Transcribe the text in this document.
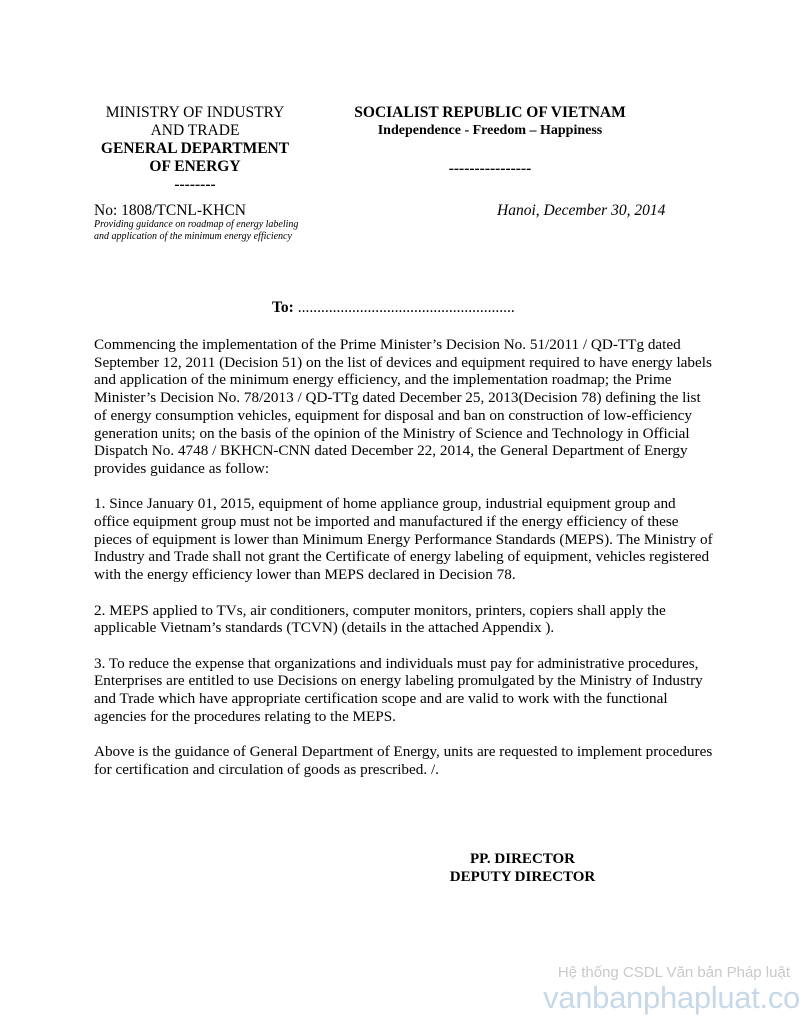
MINISTRY OF INDUSTRY
AND TRADE
GENERAL DEPARTMENT
OF ENERGY
--------
SOCIALIST REPUBLIC OF VIETNAM
Independence - Freedom – Happiness
----------------
No: 1808/TCNL-KHCN
Providing guidance on roadmap of energy labeling and application of the minimum energy efficiency
Hanoi, December 30, 2014
To: ........................................................

Commencing the implementation of the Prime Minister’s Decision No. 51/2011 / QD-TTg dated September 12, 2011 (Decision 51) on the list of devices and equipment required to have energy labels and application of the minimum energy efficiency, and the implementation roadmap; the Prime Minister’s Decision No. 78/2013 / QD-TTg dated December 25, 2013(Decision 78) defining the list of energy consumption vehicles, equipment for disposal and ban on construction of low-efficiency generation units; on the basis of the opinion of the Ministry of Science and Technology in Official Dispatch No. 4748 / BKHCN-CNN dated December 22, 2014, the General Department of Energy provides guidance as follow:

1. Since January 01, 2015, equipment of home appliance group, industrial equipment group and office equipment group must not be imported and manufactured if the energy efficiency of these pieces of equipment is lower than Minimum Energy Performance Standards (MEPS). The Ministry of Industry and Trade shall not grant the Certificate of energy labeling of equipment, vehicles registered with the energy efficiency lower than MEPS declared in Decision 78.

2. MEPS applied to TVs, air conditioners, computer monitors, printers, copiers shall apply the applicable Vietnam’s standards (TCVN) (details in the attached Appendix ).

3. To reduce the expense that organizations and individuals must pay for administrative procedures, Enterprises are entitled to use Decisions on energy labeling promulgated by the Ministry of Industry and Trade which have appropriate certification scope and are valid to work with the functional agencies for the procedures relating to the MEPS.

Above is the guidance of General Department of Energy, units are requested to implement procedures for certification and circulation of goods as prescribed. /.

PP. DIRECTOR
DEPUTY DIRECTOR
Hệ thống CSDL Văn bản Pháp luật
vanbanphapluat.co
